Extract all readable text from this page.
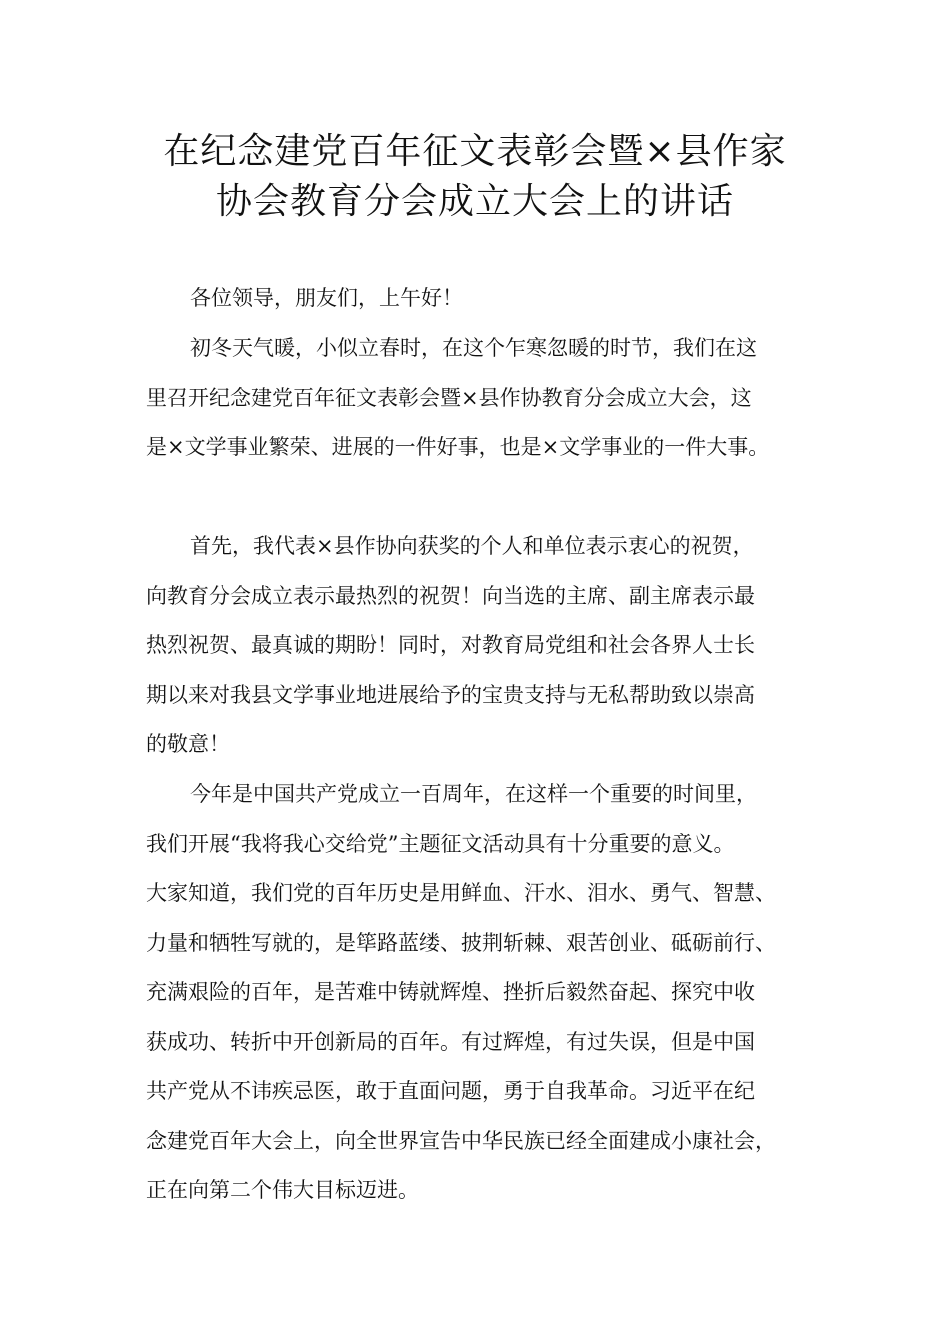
在纪念建党百年征文表彰会暨×县作家
协会教育分会成立大会上的讲话

各位领导，朋友们，上午好！

初冬天气暖，小似立春时，在这个乍寒忽暖的时节，我们在这
里召开纪念建党百年征文表彰会暨×县作协教育分会成立大会，这
是×文学事业繁荣、进展的一件好事，也是×文学事业的一件大事。

首先，我代表×县作协向获奖的个人和单位表示衷心的祝贺，
向教育分会成立表示最热烈的祝贺！向当选的主席、副主席表示最
热烈祝贺、最真诚的期盼！同时，对教育局党组和社会各界人士长
期以来对我县文学事业地进展给予的宝贵支持与无私帮助致以崇高
的敬意！

今年是中国共产党成立一百周年，在这样一个重要的时间里，
我们开展“我将我心交给党”主题征文活动具有十分重要的意义。
大家知道，我们党的百年历史是用鲜血、汗水、泪水、勇气、智慧、
力量和牺牲写就的，是筚路蓝缕、披荆斩棘、艰苦创业、砥砺前行、
充满艰险的百年，是苦难中铸就辉煌、挫折后毅然奋起、探究中收
获成功、转折中开创新局的百年。有过辉煌，有过失误，但是中国
共产党从不讳疾忌医，敢于直面问题，勇于自我革命。习近平在纪
念建党百年大会上，向全世界宣告中华民族已经全面建成小康社会，
正在向第二个伟大目标迈进。
